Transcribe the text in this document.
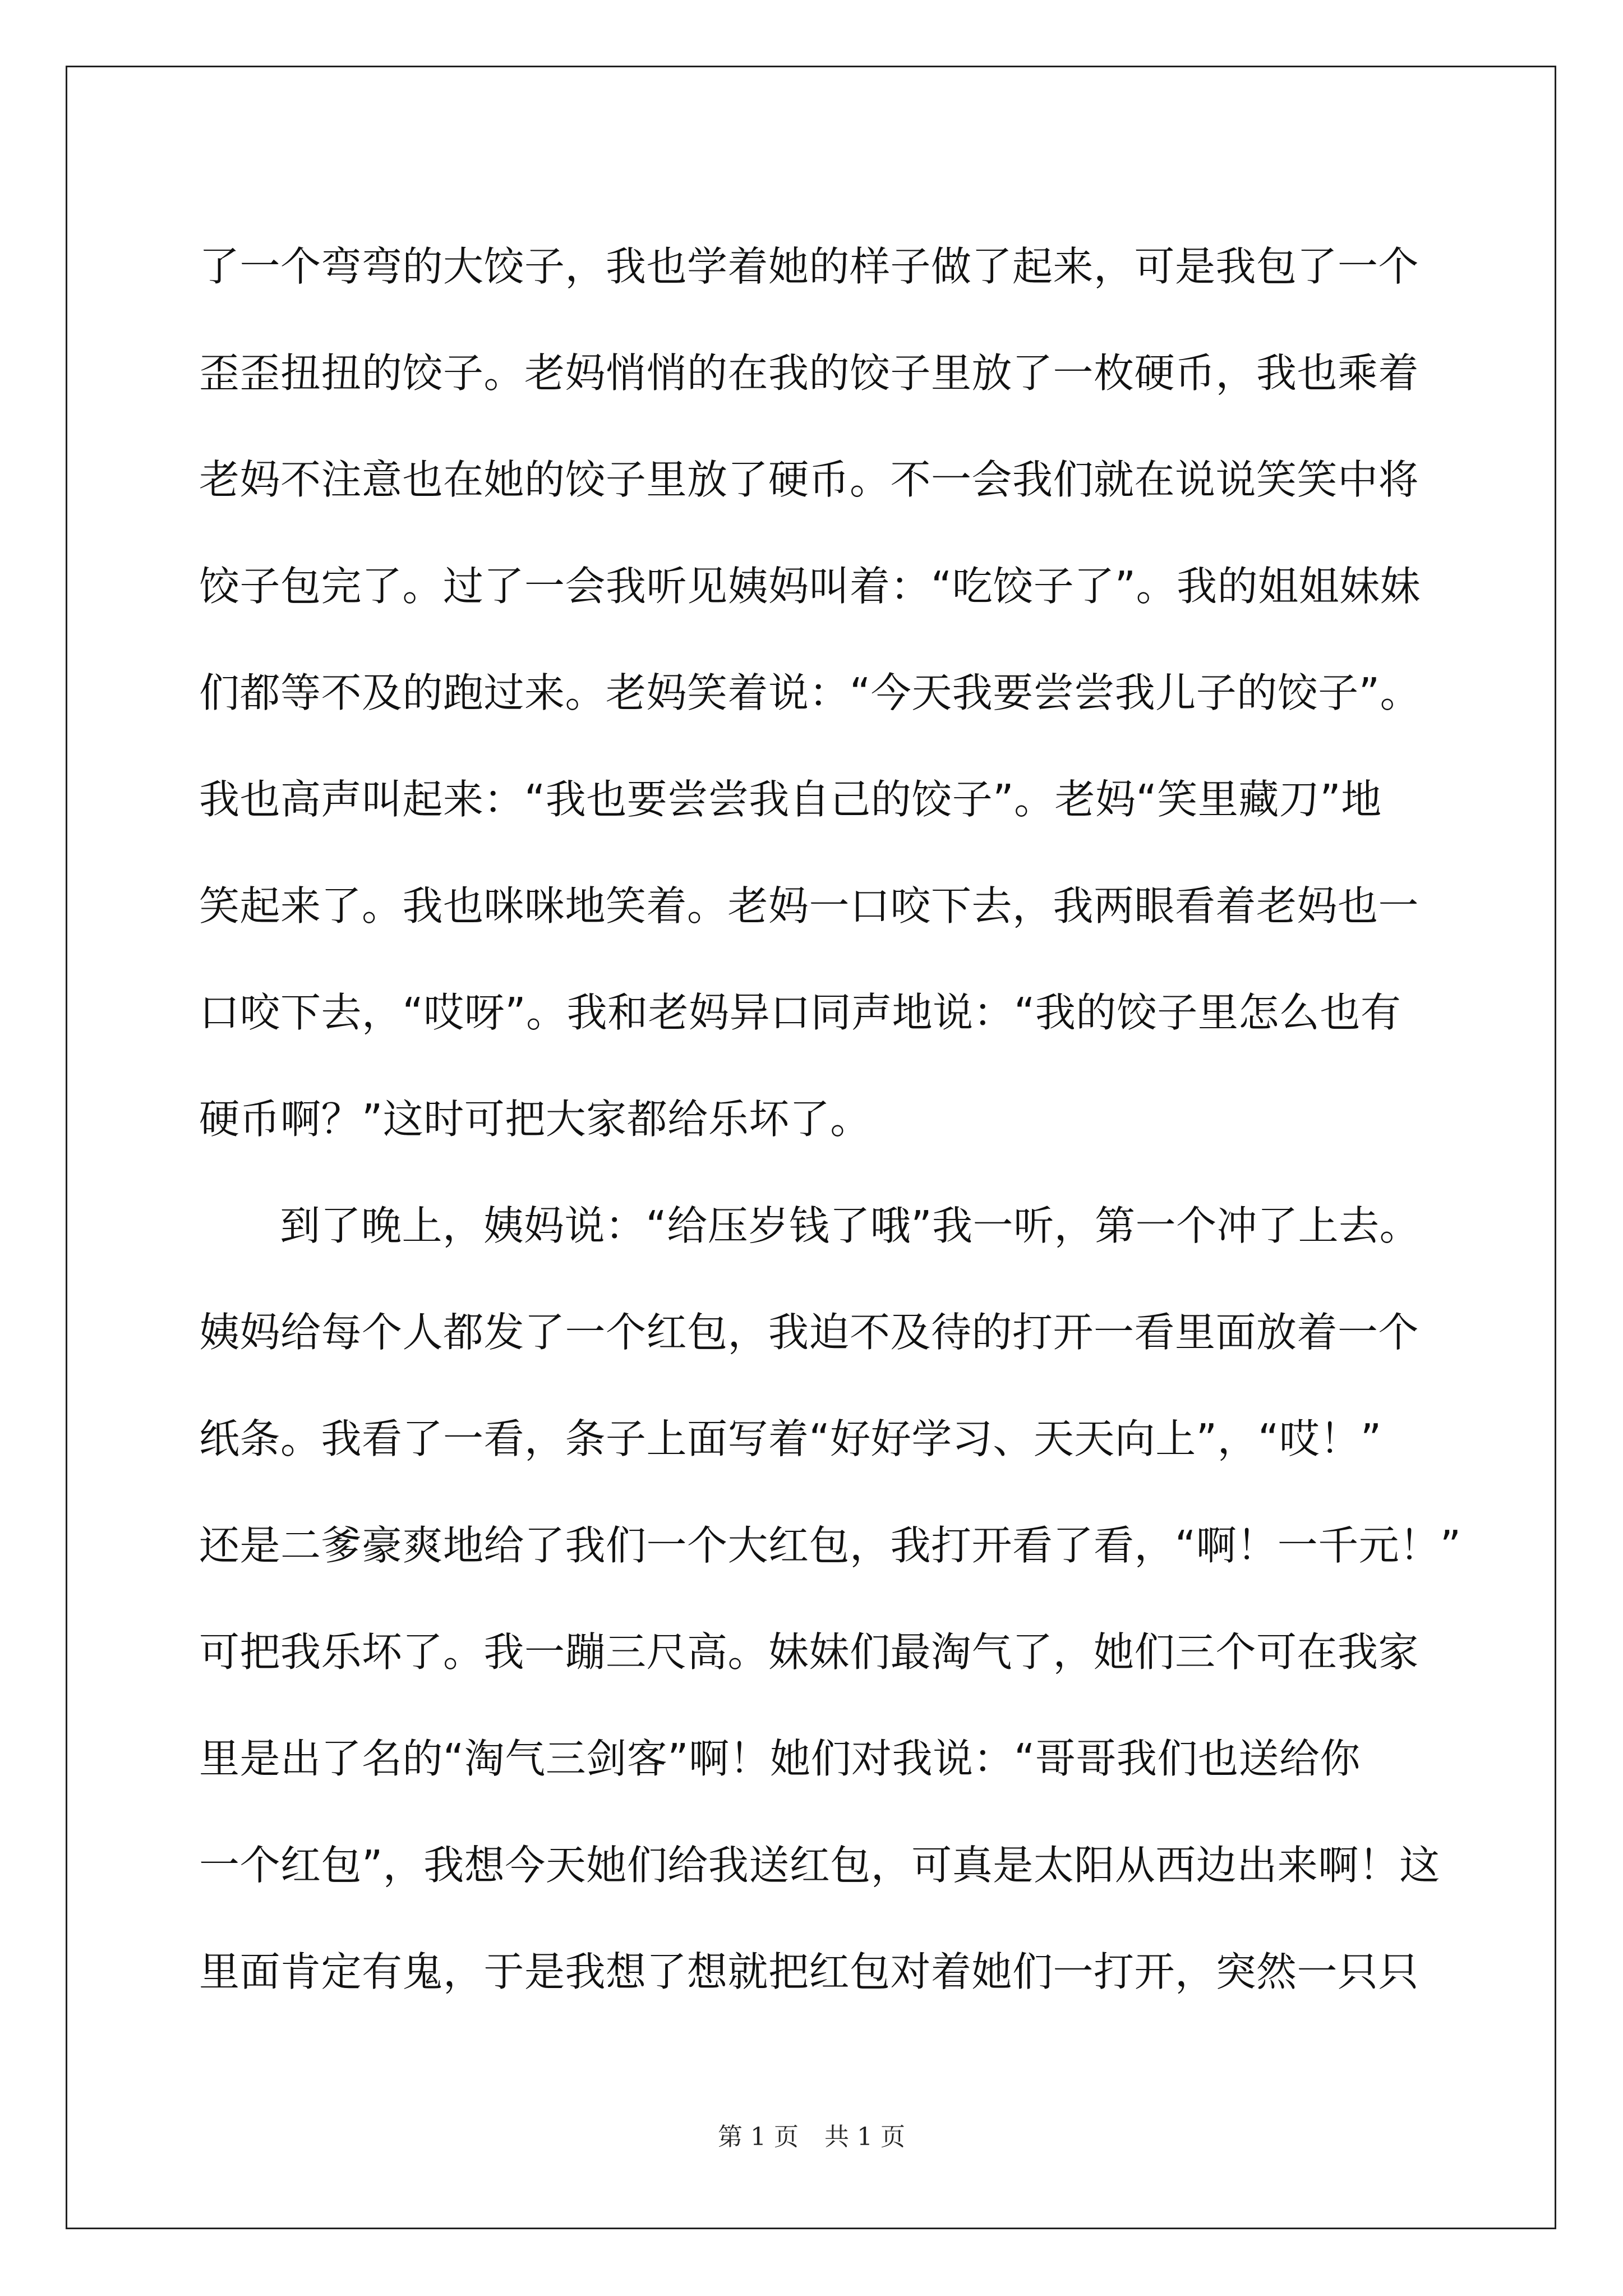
了一个弯弯的大饺子，我也学着她的样子做了起来，可是我包了一个
歪歪扭扭的饺子。老妈悄悄的在我的饺子里放了一枚硬币，我也乘着
老妈不注意也在她的饺子里放了硬币。不一会我们就在说说笑笑中将
饺子包完了。过了一会我听见姨妈叫着：“吃饺子了”。我的姐姐妹妹
们都等不及的跑过来。老妈笑着说：“今天我要尝尝我儿子的饺子”。
我也高声叫起来：“我也要尝尝我自己的饺子”。老妈“笑里藏刀”地
笑起来了。我也咪咪地笑着。老妈一口咬下去，我两眼看着老妈也一
口咬下去，“哎呀”。我和老妈异口同声地说：“我的饺子里怎么也有
硬币啊？”这时可把大家都给乐坏了。
到了晚上，姨妈说：“给压岁钱了哦”我一听，第一个冲了上去。
姨妈给每个人都发了一个红包，我迫不及待的打开一看里面放着一个
纸条。我看了一看，条子上面写着“好好学习、天天向上”，“哎！”
还是二爹豪爽地给了我们一个大红包，我打开看了看，“啊！一千元！”
可把我乐坏了。我一蹦三尺高。妹妹们最淘气了，她们三个可在我家
里是出了名的“淘气三剑客”啊！她们对我说：“哥哥我们也送给你
一个红包”，我想今天她们给我送红包，可真是太阳从西边出来啊！这
里面肯定有鬼，于是我想了想就把红包对着她们一打开，突然一只只
第 1 页 共 1 页
